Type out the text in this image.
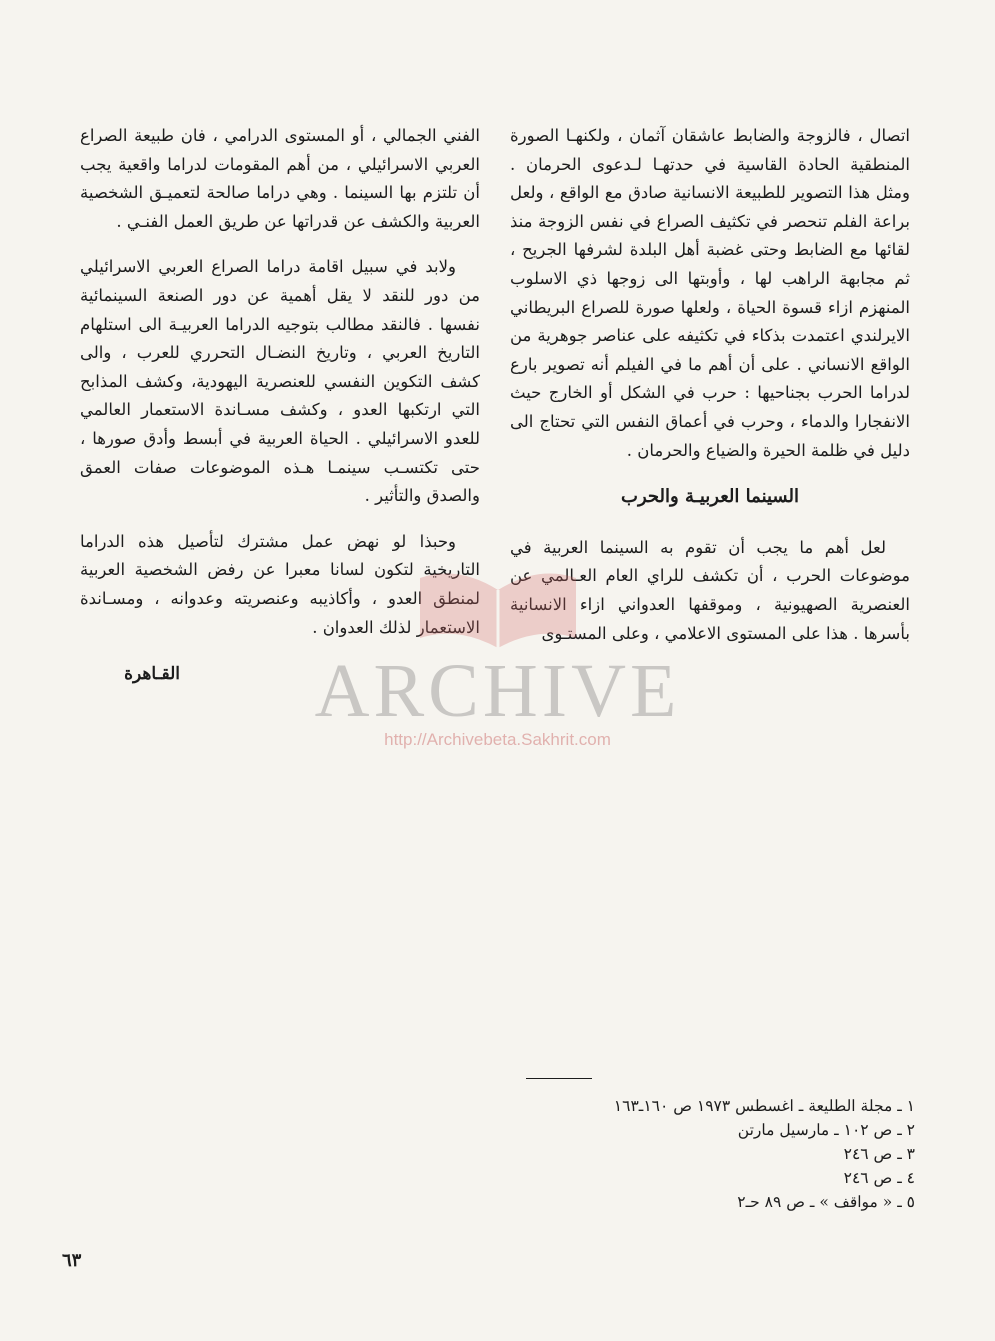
اتصال ، فالزوجة والضابط عاشقان آثمان ، ولكنهـا الصورة المنطقية الحادة القاسية في حدتهـا لـدعوى الحرمان . ومثل هذا التصوير للطبيعة الانسانية صادق مع الواقع ، ولعل براعة الفلم تنحصر في تكثيف الصراع في نفس الزوجة منذ لقائها مع الضابط وحتى غضبة أهل البلدة لشرفها الجريح ، ثم مجابهة الراهب لها ، وأوبتها الى زوجها ذي الاسلوب المنهزم ازاء قسوة الحياة ، ولعلها صورة للصراع البريطاني الايرلندي اعتمدت بذكاء في تكثيفه على عناصر جوهرية من الواقع الانساني . على أن أهم ما في الفيلم أنه تصوير بارع لدراما الحرب بجناحيها : حرب في الشكل أو الخارج حيث الانفجارا والدماء ، وحرب في أعماق النفس التي تحتاج الى دليل في ظلمة الحيرة والضياع والحرمان .

السينما العربيـة والحرب

لعل أهم ما يجب أن تقوم به السينما العربية في موضوعات الحرب ، أن تكشف للراي العام العـالمي عن العنصرية الصهيونية ، وموقفها العدواني ازاء الانسانية بأسرها . هذا على المستوى الاعلامي ، وعلى المستـوى

الفني الجمالي ، أو المستوى الدرامي ، فان طبيعة الصراع العربي الاسرائيلي ، من أهم المقومات لدراما واقعية يجب أن تلتزم بها السينما . وهي دراما صالحة لتعميـق الشخصية العربية والكشف عن قدراتها عن طريق العمل الفنـي .

ولابد في سبيل اقامة دراما الصراع العربي الاسرائيلي من دور للنقد لا يقل أهمية عن دور الصنعة السينمائية نفسها . فالنقد مطالب بتوجيه الدراما العربيـة الى استلهام التاريخ العربي ، وتاريخ النضـال التحرري للعرب ، والى كشف التكوين النفسي للعنصرية اليهودية، وكشف المذابح التي ارتكبها العدو ، وكشف مسـاندة الاستعمار العالمي للعدو الاسرائيلي . الحياة العربية في أبسط وأدق صورها ، حتى تكتسـب سينمـا هـذه الموضوعات صفات العمق والصدق والتأثير .

وحبذا لو نهض عمل مشترك لتأصيل هذه الدراما التاريخية لتكون لسانا معبرا عن رفض الشخصية العربية لمنطق العدو ، وأكاذيبه وعنصريته وعدوانه ، ومسـاندة الاستعمار لذلك العدوان .

القـاهرة
١ ـ مجلة الطليعة ـ اغسطس ١٩٧٣ ص ١٦٠ـ١٦٣
٢ ـ ص ١٠٢ ـ مارسيل مارتن
٣ ـ ص ٢٤٦
٤ ـ ص ٢٤٦
٥ ـ « مواقف » ـ ص ٨٩ حـ٢
٦٣
ARCHIVE
http://Archivebeta.Sakhrit.com
